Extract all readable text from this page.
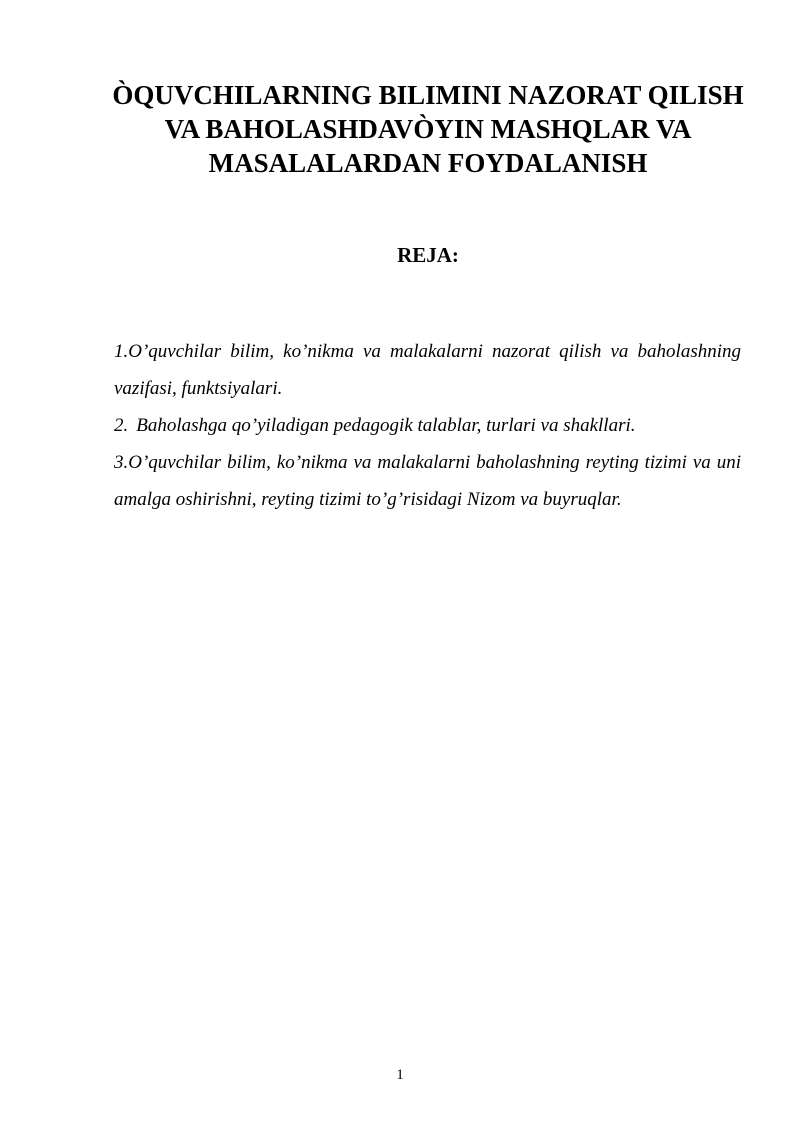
ÒQUVCHILARNING BILIMINI NAZORAT QILISH VA BAHOLASHDAVÒYIN MASHQLAR VA MASALALARDAN FOYDALANISH
REJA:
1.O’quvchilar bilim, ko’nikma va malakalarni nazorat qilish va baholashning vazifasi, funktsiyalari.
2. Baholashga qo’yiladigan pedagogik talablar, turlari va shakllari.
3.O’quvchilar bilim, ko’nikma va malakalarni baholashning reyting tizimi va uni amalga oshirishni, reyting tizimi to’g’risidagi Nizom va buyruqlar.
1
